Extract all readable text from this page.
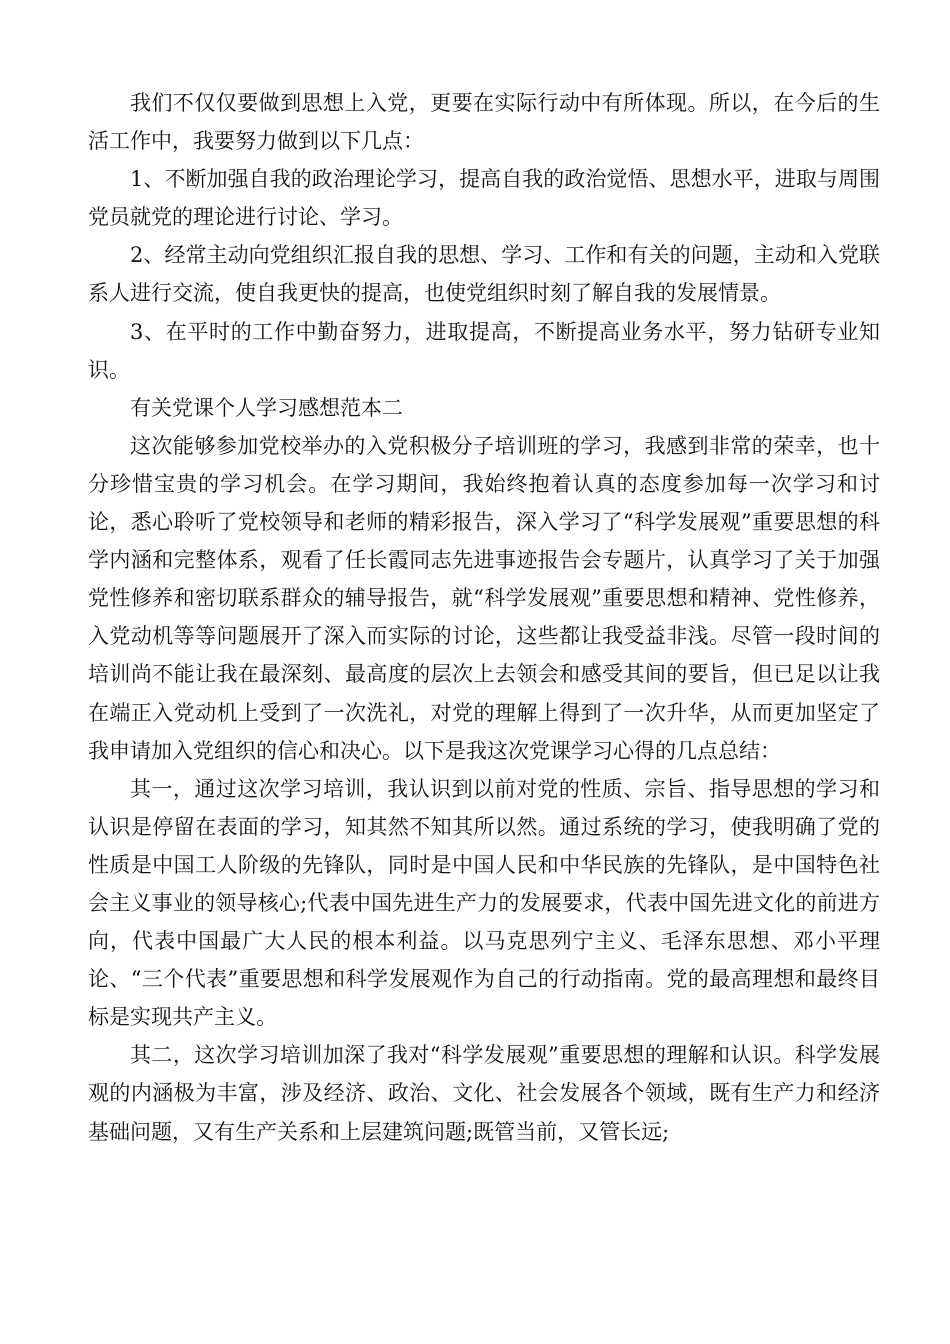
我们不仅仅要做到思想上入党，更要在实际行动中有所体现。所以，在今后的生活工作中，我要努力做到以下几点：

1、不断加强自我的政治理论学习，提高自我的政治觉悟、思想水平，进取与周围党员就党的理论进行讨论、学习。

2、经常主动向党组织汇报自我的思想、学习、工作和有关的问题，主动和入党联系人进行交流，使自我更快的提高，也使党组织时刻了解自我的发展情景。

3、在平时的工作中勤奋努力，进取提高，不断提高业务水平，努力钻研专业知识。

有关党课个人学习感想范本二

这次能够参加党校举办的入党积极分子培训班的学习，我感到非常的荣幸，也十分珍惜宝贵的学习机会。在学习期间，我始终抱着认真的态度参加每一次学习和讨论，悉心聆听了党校领导和老师的精彩报告，深入学习了“科学发展观”重要思想的科学内涵和完整体系，观看了任长霞同志先进事迹报告会专题片，认真学习了关于加强党性修养和密切联系群众的辅导报告，就“科学发展观”重要思想和精神、党性修养，入党动机等等问题展开了深入而实际的讨论，这些都让我受益非浅。尽管一段时间的培训尚不能让我在最深刻、最高度的层次上去领会和感受其间的要旨，但已足以让我在端正入党动机上受到了一次洗礼，对党的理解上得到了一次升华，从而更加坚定了我申请加入党组织的信心和决心。以下是我这次党课学习心得的几点总结：

其一，通过这次学习培训，我认识到以前对党的性质、宗旨、指导思想的学习和认识是停留在表面的学习，知其然不知其所以然。通过系统的学习，使我明确了党的性质是中国工人阶级的先锋队，同时是中国人民和中华民族的先锋队，是中国特色社会主义事业的领导核心;代表中国先进生产力的发展要求，代表中国先进文化的前进方向，代表中国最广大人民的根本利益。以马克思列宁主义、毛泽东思想、邓小平理论、“三个代表”重要思想和科学发展观作为自己的行动指南。党的最高理想和最终目标是实现共产主义。

其二，这次学习培训加深了我对“科学发展观”重要思想的理解和认识。科学发展观的内涵极为丰富，涉及经济、政治、文化、社会发展各个领域，既有生产力和经济基础问题，又有生产关系和上层建筑问题;既管当前，又管长远;
